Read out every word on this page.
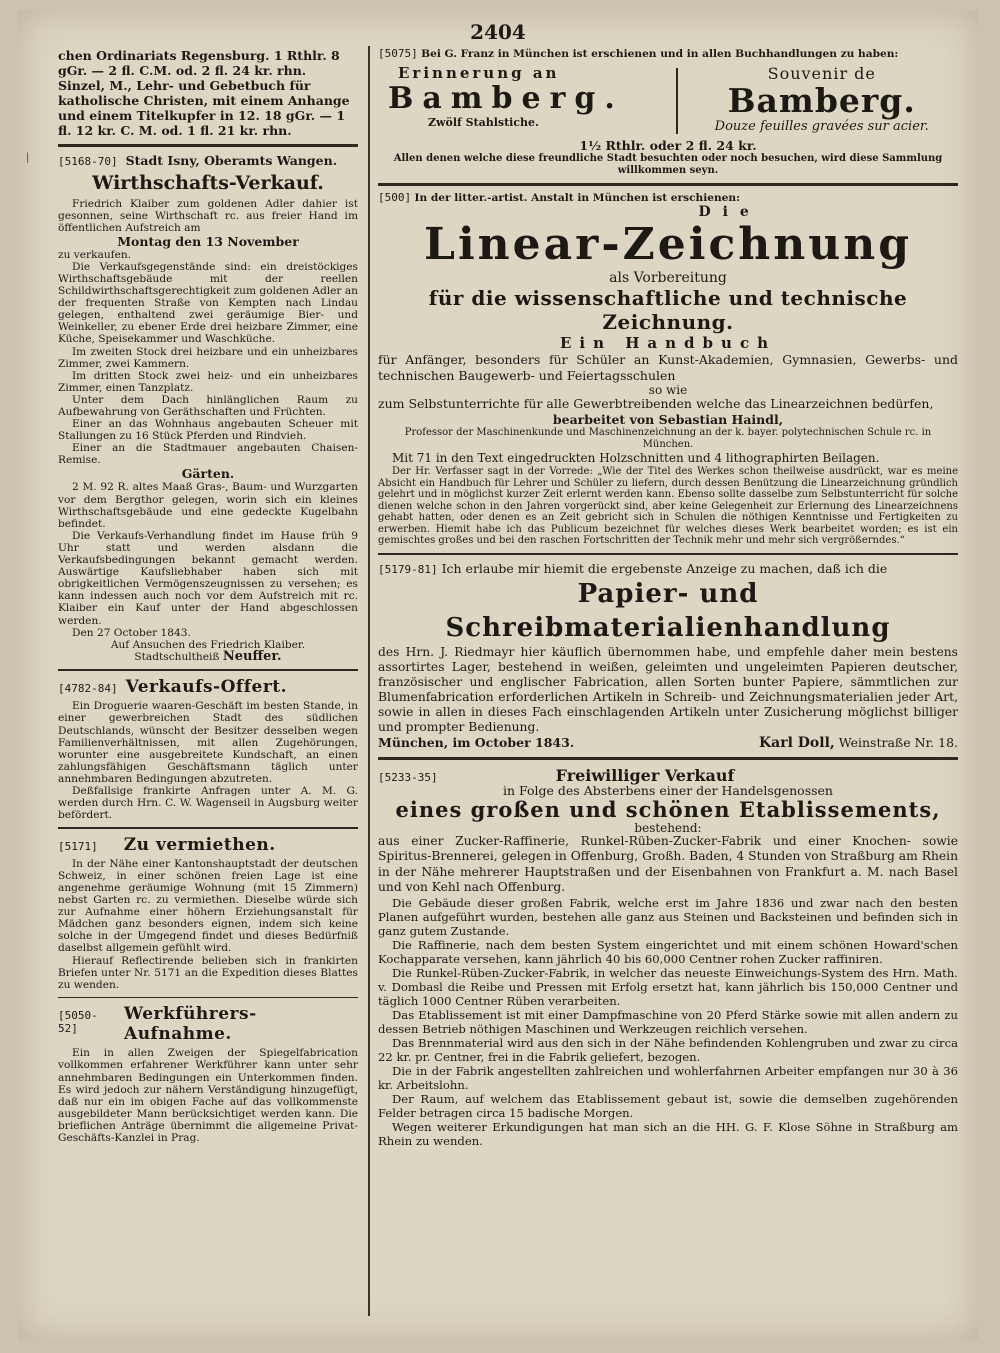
2404
|

chen Ordinariats Regensburg. 1 Rthlr. 8 gGr. — 2 fl. C.M. od. 2 fl. 24 kr. rhn.

Sinzel, M., Lehr- und Gebetbuch für katholische Christen, mit einem Anhange und einem Titelkupfer in 12. 18 gGr. — 1 fl. 12 kr. C. M. od. 1 fl. 21 kr. rhn.

[5168-70] Stadt Isny, Oberamts Wangen.

Wirthschafts-Verkauf.

Friedrich Klaiber zum goldenen Adler dahier ist gesonnen, seine Wirthschaft rc. aus freier Hand im öffentlichen Aufstreich am

Montag den 13 November

zu verkaufen.

Die Verkaufsgegenstände sind: ein dreistöckiges Wirthschaftsgebäude mit der reellen Schildwirthschaftsgerechtigkeit zum goldenen Adler an der frequenten Straße von Kempten nach Lindau gelegen, enthaltend zwei geräumige Bier- und Weinkeller, zu ebener Erde drei heizbare Zimmer, eine Küche, Speisekammer und Waschküche.

Im zweiten Stock drei heizbare und ein unheizbares Zimmer, zwei Kammern.

Im dritten Stock zwei heiz- und ein unheizbares Zimmer, einen Tanzplatz.

Unter dem Dach hinlänglichen Raum zu Aufbewahrung von Geräthschaften und Früchten.

Einer an das Wohnhaus angebauten Scheuer mit Stallungen zu 16 Stück Pferden und Rindvieh.

Einer an die Stadtmauer angebauten Chaisen-Remise.

Gärten.

2 M. 92 R. altes Maaß Gras-, Baum- und Wurzgarten vor dem Bergthor gelegen, worin sich ein kleines Wirthschaftsgebäude und eine gedeckte Kugelbahn befindet.

Die Verkaufs-Verhandlung findet im Hause früh 9 Uhr statt und werden alsdann die Verkaufsbedingungen bekannt gemacht werden. Auswärtige Kaufsliebhaber haben sich mit obrigkeitlichen Vermögenszeugnissen zu versehen; es kann indessen auch noch vor dem Aufstreich mit rc. Klaiber ein Kauf unter der Hand abgeschlossen werden.

Den 27 October 1843.

Auf Ansuchen des Friedrich Klaiber.

Stadtschultheiß Neuffer.

[4782-84] Verkaufs-Offert.

Ein Droguerie waaren-Geschäft im besten Stande, in einer gewerbreichen Stadt des südlichen Deutschlands, wünscht der Besitzer desselben wegen Familienverhältnissen, mit allen Zugehörungen, worunter eine ausgebreitete Kundschaft, an einen zahlungsfähigen Geschäftsmann täglich unter annehmbaren Bedingungen abzutreten.

Deßfallsige frankirte Anfragen unter A. M. G. werden durch Hrn. C. W. Wagenseil in Augsburg weiter befördert.

[5171]	Zu vermiethen.

In der Nähe einer Kantonshauptstadt der deutschen Schweiz, in einer schönen freien Lage ist eine angenehme geräumige Wohnung (mit 15 Zimmern) nebst Garten rc. zu vermiethen. Dieselbe würde sich zur Aufnahme einer höhern Erziehungsanstalt für Mädchen ganz besonders eignen, indem sich keine solche in der Umgegend findet und dieses Bedürfniß daselbst allgemein gefühlt wird.

Hierauf Reflectirende belieben sich in frankirten Briefen unter Nr. 5171 an die Expedition dieses Blattes zu wenden.

[5050-52]
Werkführers-Aufnahme.

Ein in allen Zweigen der Spiegelfabrication vollkommen erfahrener Werkführer kann unter sehr annehmbaren Bedingungen ein Unterkommen finden. Es wird jedoch zur nähern Verständigung hinzugefügt, daß nur ein im obigen Fache auf das vollkommenste ausgebildeter Mann berücksichtiget werden kann. Die brieflichen Anträge übernimmt die allgemeine Privat-Geschäfts-Kanzlei in Prag.

[5075] Bei G. Franz in München ist erschienen und in allen Buchhandlungen zu haben:

Erinnerung an
Bamberg.
Zwölf Stahlstiche.
Souvenir de
Bamberg.
Douze feuilles gravées sur acier.

1½ Rthlr. oder 2 fl. 24 kr.

Allen denen welche diese freundliche Stadt besuchten oder noch besuchen, wird diese Sammlung willkommen seyn.

[500] In der litter.-artist. Anstalt in München ist erschienen:

Die

Linear-Zeichnung

als Vorbereitung

für die wissenschaftliche und technische Zeichnung.

Ein Handbuch

für Anfänger, besonders für Schüler an Kunst-Akademien, Gymnasien, Gewerbs- und technischen Baugewerb- und Feiertagsschulen

so wie

zum Selbstunterrichte für alle Gewerbtreibenden welche das Linearzeichnen bedürfen,

bearbeitet von Sebastian Haindl,

Professor der Maschinenkunde und Maschinenzeichnung an der k. bayer. polytechnischen Schule rc. in München.

Mit 71 in den Text eingedruckten Holzschnitten und 4 lithographirten Beilagen.

Der Hr. Verfasser sagt in der Vorrede: „Wie der Titel des Werkes schon theilweise ausdrückt, war es meine Absicht ein Handbuch für Lehrer und Schüler zu liefern, durch dessen Benützung die Linearzeichnung gründlich gelehrt und in möglichst kurzer Zeit erlernt werden kann. Ebenso sollte dasselbe zum Selbstunterricht für solche dienen welche schon in den Jahren vorgerückt sind, aber keine Gelegenheit zur Erlernung des Linearzeichnens gehabt hatten, oder denen es an Zeit gebricht sich in Schulen die nöthigen Kenntnisse und Fertigkeiten zu erwerben. Hiemit habe ich das Publicum bezeichnet für welches dieses Werk bearbeitet worden; es ist ein gemischtes großes und bei den raschen Fortschritten der Technik mehr und mehr sich vergrößerndes.“

[5179-81] Ich erlaube mir hiemit die ergebenste Anzeige zu machen, daß ich die

Papier- und Schreibmaterialienhandlung

des Hrn. J. Riedmayr hier käuflich übernommen habe, und empfehle daher mein bestens assortirtes Lager, bestehend in weißen, geleimten und ungeleimten Papieren deutscher, französischer und englischer Fabrication, allen Sorten bunter Papiere, sämmtlichen zur Blumenfabrication erforderlichen Artikeln in Schreib- und Zeichnungsmaterialien jeder Art, sowie in allen in dieses Fach einschlagenden Artikeln unter Zusicherung möglichst billiger und prompter Bedienung.

München, im October 1843.	Karl Doll, Weinstraße Nr. 18.

[5233-35]	Freiwilliger Verkauf

in Folge des Absterbens einer der Handelsgenossen

eines großen und schönen Etablissements,

bestehend:

aus einer Zucker-Raffinerie, Runkel-Rüben-Zucker-Fabrik und einer Knochen- sowie Spiritus-Brennerei, gelegen in Offenburg, Großh. Baden, 4 Stunden von Straßburg am Rhein in der Nähe mehrerer Hauptstraßen und der Eisenbahnen von Frankfurt a. M. nach Basel und von Kehl nach Offenburg.

Die Gebäude dieser großen Fabrik, welche erst im Jahre 1836 und zwar nach den besten Planen aufgeführt wurden, bestehen alle ganz aus Steinen und Backsteinen und befinden sich in ganz gutem Zustande.

Die Raffinerie, nach dem besten System eingerichtet und mit einem schönen Howard'schen Kochapparate versehen, kann jährlich 40 bis 60,000 Centner rohen Zucker raffiniren.

Die Runkel-Rüben-Zucker-Fabrik, in welcher das neueste Einweichungs-System des Hrn. Math. v. Dombasl die Reibe und Pressen mit Erfolg ersetzt hat, kann jährlich bis 150,000 Centner und täglich 1000 Centner Rüben verarbeiten.

Das Etablissement ist mit einer Dampfmaschine von 20 Pferd Stärke sowie mit allen andern zu dessen Betrieb nöthigen Maschinen und Werkzeugen reichlich versehen.

Das Brennmaterial wird aus den sich in der Nähe befindenden Kohlengruben und zwar zu circa 22 kr. pr. Centner, frei in die Fabrik geliefert, bezogen.

Die in der Fabrik angestellten zahlreichen und wohlerfahrnen Arbeiter empfangen nur 30 à 36 kr. Arbeitslohn.

Der Raum, auf welchem das Etablissement gebaut ist, sowie die demselben zugehörenden Felder betragen circa 15 badische Morgen.

Wegen weiterer Erkundigungen hat man sich an die HH. G. F. Klose Söhne in Straßburg am Rhein zu wenden.
